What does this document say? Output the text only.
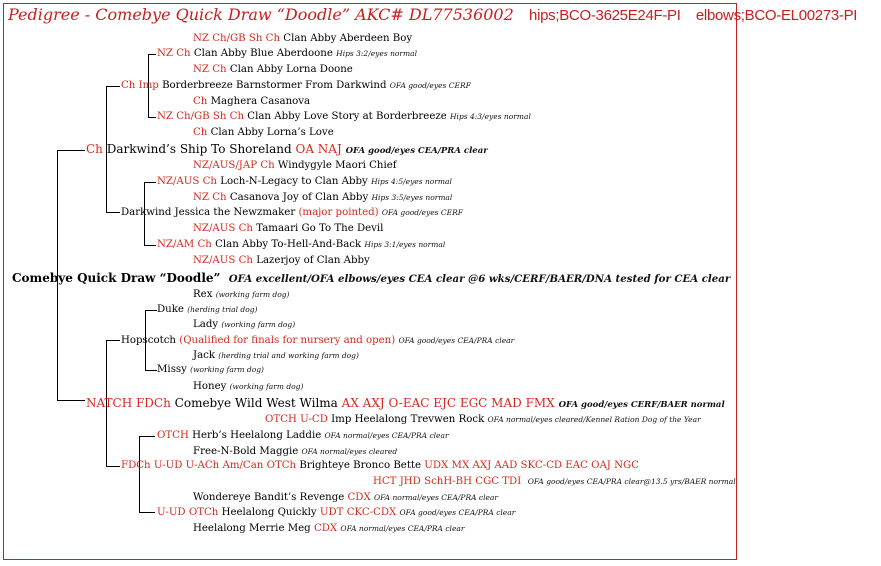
Pedigree - Comebye Quick Draw “Doodle” AKC# DL77536002 hips;BCO-3625E24F-PI elbows;BCO-EL00273-PI
NZ Ch/GB Sh Ch Clan Abby Aberdeen Boy
NZ Ch Clan Abby Blue Aberdoone Hips 3:2/eyes normal
NZ Ch Clan Abby Lorna Doone
Ch Imp Borderbreeze Barnstormer From Darkwind OFA good/eyes CERF
Ch Maghera Casanova
NZ Ch/GB Sh Ch Clan Abby Love Story at Borderbreeze Hips 4:3/eyes normal
Ch Clan Abby Lorna’s Love
Ch Darkwind’s Ship To Shoreland OA NAJ OFA good/eyes CEA/PRA clear
NZ/AUS/JAP Ch Windygyle Maori Chief
NZ/AUS Ch Loch-N-Legacy to Clan Abby Hips 4:5/eyes normal
NZ Ch Casanova Joy of Clan Abby Hips 3:5/eyes normal
Darkwind Jessica the Newzmaker (major pointed) OFA good/eyes CERF
NZ/AUS Ch Tamaari Go To The Devil
NZ/AM Ch Clan Abby To-Hell-And-Back Hips 3:1/eyes normal
NZ/AUS Ch Lazerjoy of Clan Abby
Comebye Quick Draw “Doodle” OFA excellent/OFA elbows/eyes CEA clear @6 wks/CERF/BAER/DNA tested for CEA clear
Rex (working farm dog)
Duke (herding trial dog)
Lady (working farm dog)
Hopscotch (Qualified for finals for nursery and open) OFA good/eyes CEA/PRA clear
Jack (herding trial and working farm dog)
Missy (working farm dog)
Honey (working farm dog)
NATCH FDCh Comebye Wild West Wilma AX AXJ O-EAC EJC EGC MAD FMX OFA good/eyes CERF/BAER normal
OTCH U-CD Imp Heelalong Trevwen Rock OFA normal/eyes cleared/Kennel Ration Dog of the Year
OTCH Herb’s Heelalong Laddie OFA normal/eyes CEA/PRA clear
Free-N-Bold Maggie OFA normal/eyes cleared
FDCh U-UD U-ACh Am/Can OTCh Brighteye Bronco Bette UDX MX AXJ AAD SKC-CD EAC OAJ NGC
HCT JHD SchH-BH CGC TDI OFA good/eyes CEA/PRA clear@13.5 yrs/BAER normal
Wondereye Bandit’s Revenge CDX OFA normal/eyes CEA/PRA clear
U-UD OTCh Heelalong Quickly UDT CKC-CDX OFA good/eyes CEA/PRA clear
Heelalong Merrie Meg CDX OFA normal/eyes CEA/PRA clear
